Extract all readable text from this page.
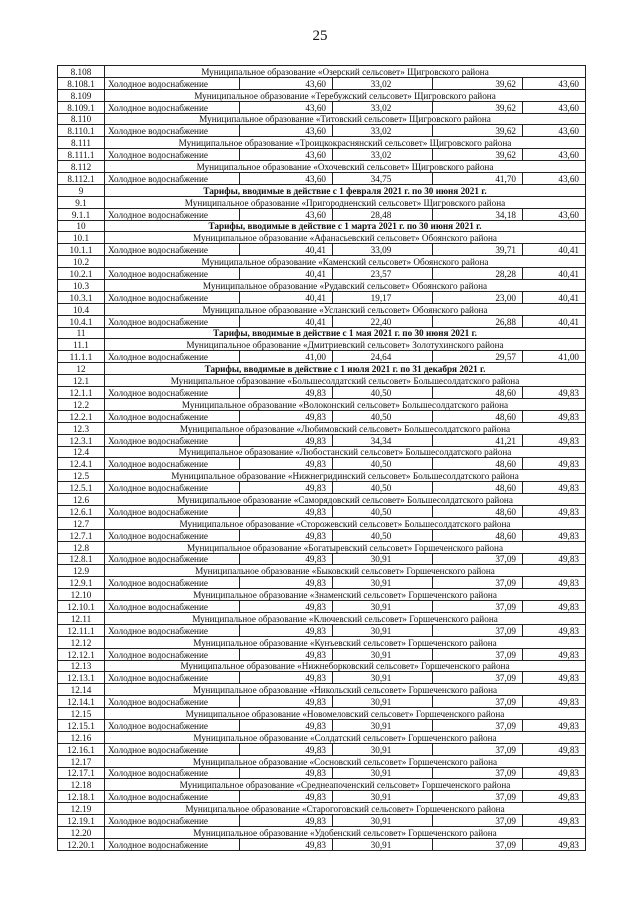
25
8.108	Муниципальное образование «Озерский сельсовет» Щигровского района				
8.108.1	Холодное водоснабжение	43,60	33,02	39,62	43,60
8.109	Муниципальное образование «Теребужский сельсовет» Щигровского района				
8.109.1	Холодное водоснабжение	43,60	33,02	39,62	43,60
8.110	Муниципальное образование «Титовский сельсовет» Щигровского района				
8.110.1	Холодное водоснабжение	43,60	33,02	39,62	43,60
8.111	Муниципальное образование «Троицкокраснянский сельсовет» Щигровского района				
8.111.1	Холодное водоснабжение	43,60	33,02	39,62	43,60
8.112	Муниципальное образование «Охочевский сельсовет» Щигровского района				
8.112.1	Холодное водоснабжение	43,60	34,75	41,70	43,60
9	Тарифы, вводимые в действие с 1 февраля 2021 г. по 30 июня 2021 г.				
9.1	Муниципальное образование «Пригородненский сельсовет» Щигровского района				
9.1.1	Холодное водоснабжение	43,60	28,48	34,18	43,60
10	Тарифы, вводимые в действие с 1 марта 2021 г. по 30 июня 2021 г.				
10.1	Муниципальное образование «Афанасьевский сельсовет» Обоянского района				
10.1.1	Холодное водоснабжение	40,41	33,09	39,71	40,41
10.2	Муниципальное образование «Каменский сельсовет» Обоянского района				
10.2.1	Холодное водоснабжение	40,41	23,57	28,28	40,41
10.3	Муниципальное образование «Рудавский сельсовет» Обоянского района				
10.3.1	Холодное водоснабжение	40,41	19,17	23,00	40,41
10.4	Муниципальное образование «Усланский сельсовет» Обоянского района				
10.4.1	Холодное водоснабжение	40,41	22,40	26,88	40,41
11	Тарифы, вводимые в действие с 1 мая 2021 г. по 30 июня 2021 г.				
11.1	Муниципальное образование «Дмитриевский сельсовет» Золотухинского района				
11.1.1	Холодное водоснабжение	41,00	24,64	29,57	41,00
12	Тарифы, вводимые в действие с 1 июля 2021 г. по 31 декабря 2021 г.				
12.1	Муниципальное образование «Большесолдатский сельсовет» Большесолдатского района				
12.1.1	Холодное водоснабжение	49,83	40,50	48,60	49,83
12.2	Муниципальное образование «Волоконский сельсовет» Большесолдатского района				
12.2.1	Холодное водоснабжение	49,83	40,50	48,60	49,83
12.3	Муниципальное образование «Любимовский сельсовет» Большесолдатского района				
12.3.1	Холодное водоснабжение	49,83	34,34	41,21	49,83
12.4	Муниципальное образование «Любостанский сельсовет» Большесолдатского района				
12.4.1	Холодное водоснабжение	49,83	40,50	48,60	49,83
12.5	Муниципальное образование «Нижнегридинский сельсовет» Большесолдатского района				
12.5.1	Холодное водоснабжение	49,83	40,50	48,60	49,83
12.6	Муниципальное образование «Саморядовский сельсовет» Большесолдатского района				
12.6.1	Холодное водоснабжение	49,83	40,50	48,60	49,83
12.7	Муниципальное образование «Сторожевский сельсовет» Большесолдатского района				
12.7.1	Холодное водоснабжение	49,83	40,50	48,60	49,83
12.8	Муниципальное образование «Богатыревский сельсовет» Горшеченского района				
12.8.1	Холодное водоснабжение	49,83	30,91	37,09	49,83
12.9	Муниципальное образование «Быковский сельсовет» Горшеченского района				
12.9.1	Холодное водоснабжение	49,83	30,91	37,09	49,83
12.10	Муниципальное образование «Знаменский сельсовет» Горшеченского района				
12.10.1	Холодное водоснабжение	49,83	30,91	37,09	49,83
12.11	Муниципальное образование «Ключевский сельсовет» Горшеченского района				
12.11.1	Холодное водоснабжение	49,83	30,91	37,09	49,83
12.12	Муниципальное образование «Кунъевский сельсовет» Горшеченского района				
12.12.1	Холодное водоснабжение	49,83	30,91	37,09	49,83
12.13	Муниципальное образование «Нижнеборковский сельсовет» Горшеченского района				
12.13.1	Холодное водоснабжение	49,83	30,91	37,09	49,83
12.14	Муниципальное образование «Никольский сельсовет» Горшеченского района				
12.14.1	Холодное водоснабжение	49,83	30,91	37,09	49,83
12.15	Муниципальное образование «Новомеловский сельсовет» Горшеченского района				
12.15.1	Холодное водоснабжение	49,83	30,91	37,09	49,83
12.16	Муниципальное образование «Солдатский сельсовет» Горшеченского района				
12.16.1	Холодное водоснабжение	49,83	30,91	37,09	49,83
12.17	Муниципальное образование «Сосновский сельсовет» Горшеченского района				
12.17.1	Холодное водоснабжение	49,83	30,91	37,09	49,83
12.18	Муниципальное образование «Среднеапоченский сельсовет» Горшеченского района				
12.18.1	Холодное водоснабжение	49,83	30,91	37,09	49,83
12.19	Муниципальное образование «Старогоговский сельсовет» Горшеченского района				
12.19.1	Холодное водоснабжение	49,83	30,91	37,09	49,83
12.20	Муниципальное образование «Удобенский сельсовет» Горшеченского района				
12.20.1	Холодное водоснабжение	49,83	30,91	37,09	49,83
